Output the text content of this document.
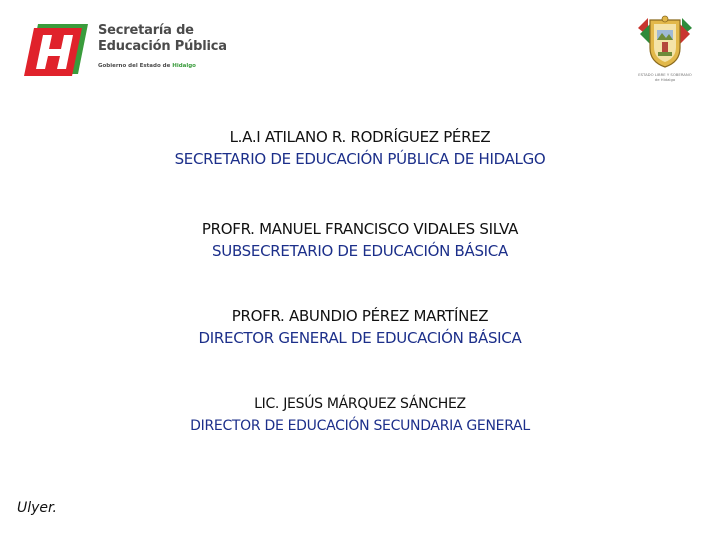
Secretaría de
Educación Pública
Gobierno del Estado de Hidalgo
ESTADO LIBRE Y SOBERANO
de Hidalgo
L.A.I ATILANO R. RODRÍGUEZ PÉREZ
SECRETARIO DE EDUCACIÓN PÚBLICA DE HIDALGO
PROFR. MANUEL FRANCISCO VIDALES SILVA
SUBSECRETARIO DE EDUCACIÓN BÁSICA
PROFR. ABUNDIO PÉREZ MARTÍNEZ
DIRECTOR GENERAL DE EDUCACIÓN BÁSICA
LIC. JESÚS MÁRQUEZ SÁNCHEZ
DIRECTOR DE EDUCACIÓN SECUNDARIA GENERAL
Ulyer.
